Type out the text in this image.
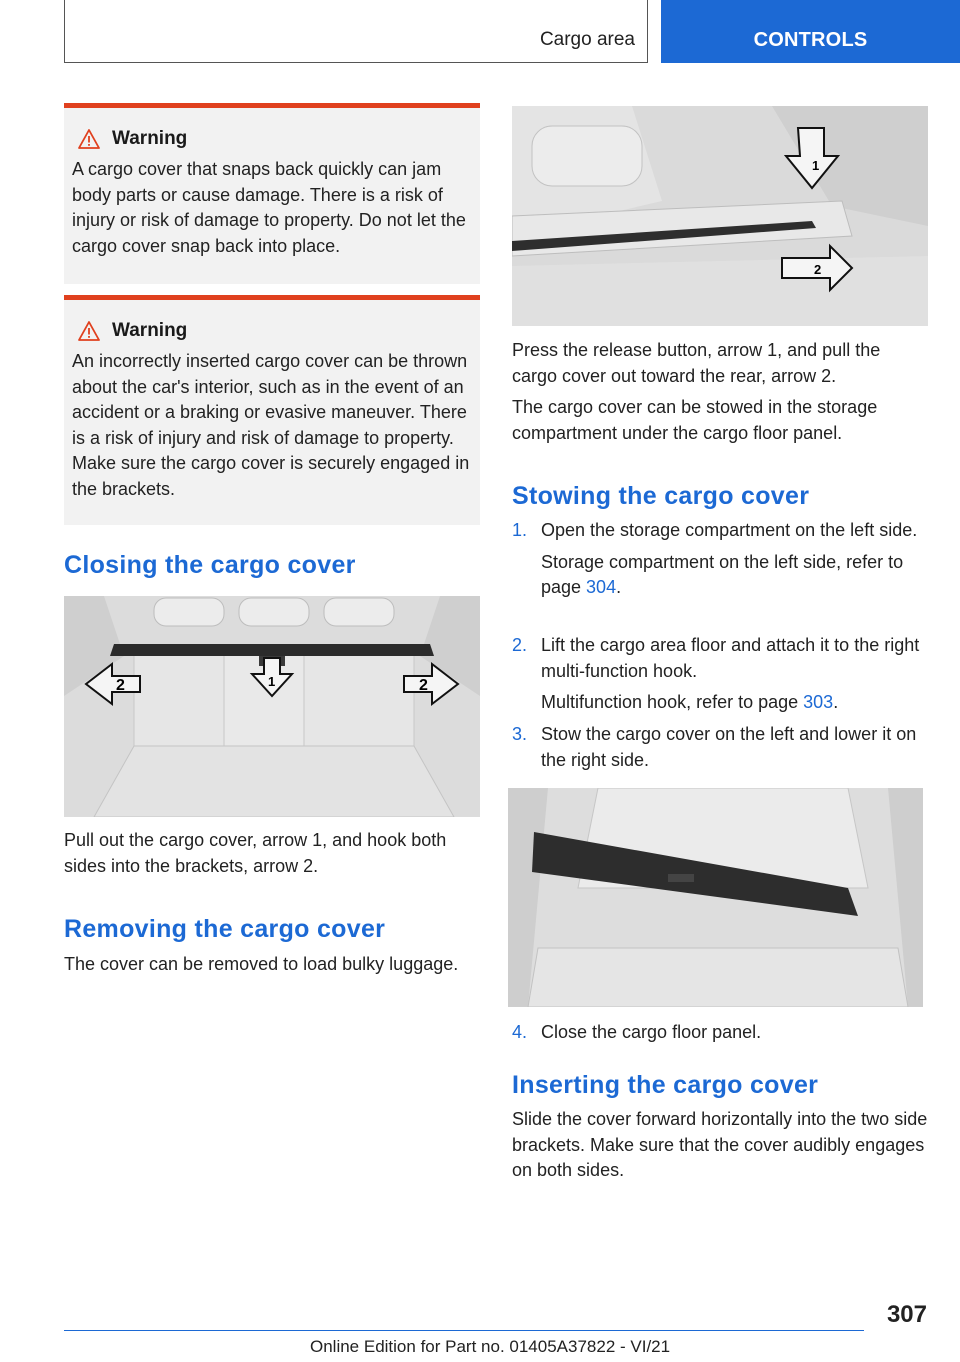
Cargo area	CONTROLS
Warning
A cargo cover that snaps back quickly can jam body parts or cause damage. There is a risk of injury or risk of damage to property. Do not let the cargo cover snap back into place.
Warning
An incorrectly inserted cargo cover can be thrown about the car's interior, such as in the event of an accident or a braking or evasive maneuver. There is a risk of injury and risk of damage to property. Make sure the cargo cover is securely engaged in the brackets.
Closing the cargo cover
2	1	2

Pull out the cargo cover, arrow 1, and hook both sides into the brackets, arrow 2.

Removing the cargo cover

The cover can be removed to load bulky luggage.

1
2

Press the release button, arrow 1, and pull the cargo cover out toward the rear, arrow 2.

The cargo cover can be stowed in the storage compartment under the cargo floor panel.

Stowing the cargo cover
1. Open the storage compartment on the left side.
Storage compartment on the left side, refer to page 304.
2. Lift the cargo area floor and attach it to the right multi-function hook.
Multifunction hook, refer to page 303.
3. Stow the cargo cover on the left and lower it on the right side.
4. Close the cargo floor panel.
Inserting the cargo cover

Slide the cover forward horizontally into the two side brackets. Make sure that the cover audibly engages on both sides.

307
Online Edition for Part no. 01405A37822 - VI/21
